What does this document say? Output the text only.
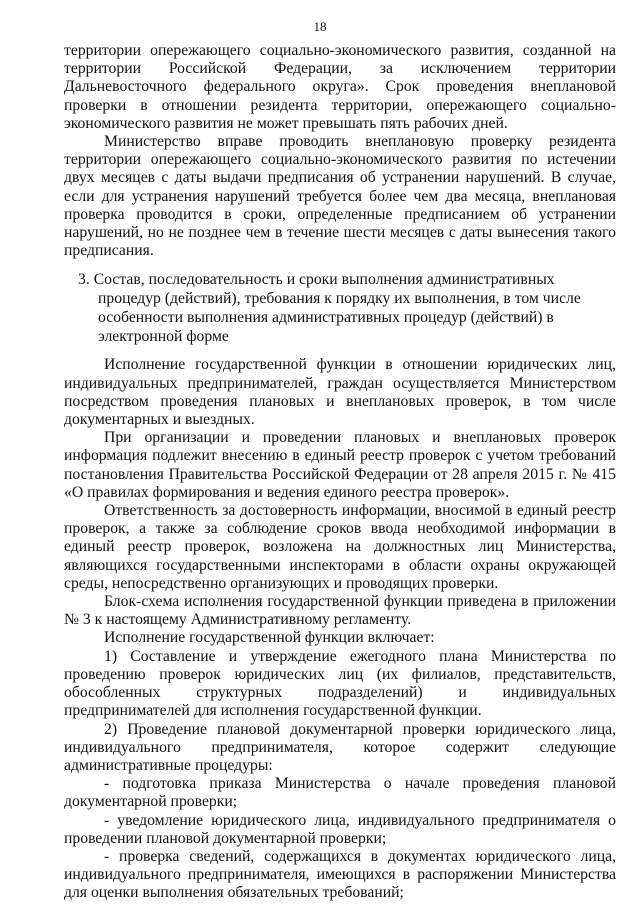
18

территории опережающего социально-экономического развития, созданной на территории Российской Федерации, за исключением территории Дальневосточного федерального округа». Срок проведения внеплановой проверки в отношении резидента территории, опережающего социально-экономического развития не может превышать пять рабочих дней.

Министерство вправе проводить внеплановую проверку резидента территории опережающего социально-экономического развития по истечении двух месяцев с даты выдачи предписания об устранении нарушений. В случае, если для устранения нарушений требуется более чем два месяца, внеплановая проверка проводится в сроки, определенные предписанием об устранении нарушений, но не позднее чем в течение шести месяцев с даты вынесения такого предписания.

3. Состав, последовательность и сроки выполнения административных процедур (действий), требования к порядку их выполнения, в том числе особенности выполнения административных процедур (действий) в электронной форме

Исполнение государственной функции в отношении юридических лиц, индивидуальных предпринимателей, граждан осуществляется Министерством посредством проведения плановых и внеплановых проверок, в том числе документарных и выездных.

При организации и проведении плановых и внеплановых проверок информация подлежит внесению в единый реестр проверок с учетом требований постановления Правительства Российской Федерации от 28 апреля 2015 г. № 415 «О правилах формирования и ведения единого реестра проверок».

Ответственность за достоверность информации, вносимой в единый реестр проверок, а также за соблюдение сроков ввода необходимой информации в единый реестр проверок, возложена на должностных лиц Министерства, являющихся государственными инспекторами в области охраны окружающей среды, непосредственно организующих и проводящих проверки.

Блок-схема исполнения государственной функции приведена в приложении № 3 к настоящему Административному регламенту.

Исполнение государственной функции включает:

1) Составление и утверждение ежегодного плана Министерства по проведению проверок юридических лиц (их филиалов, представительств, обособленных структурных подразделений) и индивидуальных предпринимателей для исполнения государственной функции.

2) Проведение плановой документарной проверки юридического лица, индивидуального предпринимателя, которое содержит следующие административные процедуры:

- подготовка приказа Министерства о начале проведения плановой документарной проверки;

- уведомление юридического лица, индивидуального предпринимателя о проведении плановой документарной проверки;

- проверка сведений, содержащихся в документах юридического лица, индивидуального предпринимателя, имеющихся в распоряжении Министерства для оценки выполнения обязательных требований;
